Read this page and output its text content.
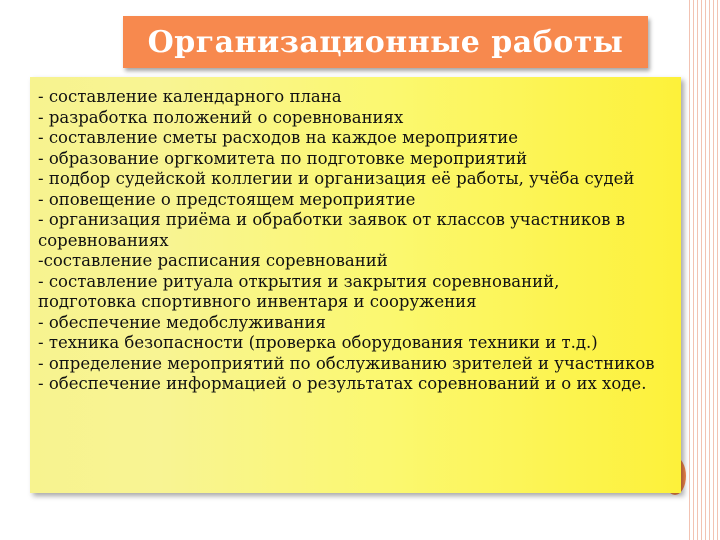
Организационные работы
- составление календарного плана
- разработка положений о соревнованиях
- составление сметы расходов на каждое мероприятие
- образование оргкомитета по подготовке мероприятий
- подбор судейской коллегии и организация её работы, учёба судей
- оповещение о предстоящем мероприятие
- организация приёма и обработки заявок от классов участников в соревнованиях
-составление расписания соревнований
- составление ритуала открытия и закрытия соревнований, подготовка спортивного инвентаря и сооружения
- обеспечение медобслуживания
- техника безопасности (проверка оборудования техники и т.д.)
- определение мероприятий по обслуживанию зрителей и участников
- обеспечение информацией о результатах соревнований и о их ходе.
